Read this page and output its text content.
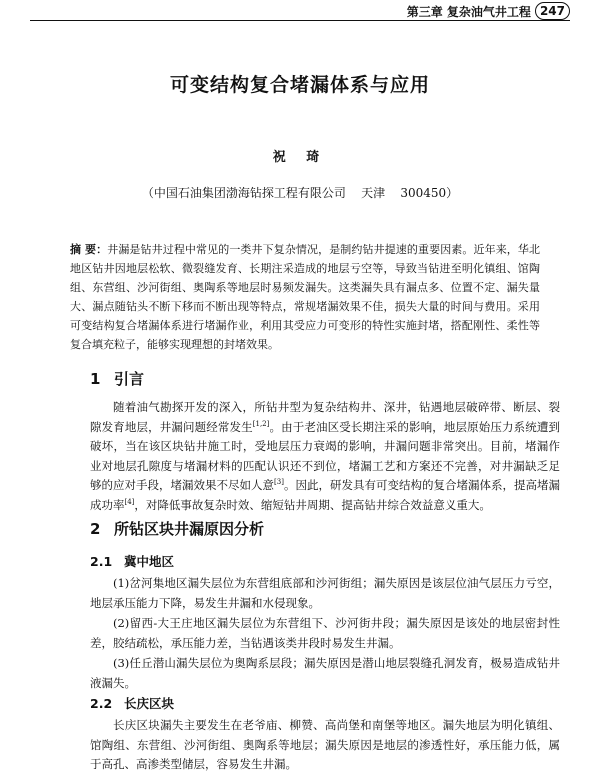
第三章 复杂油气井工程 247
可变结构复合堵漏体系与应用
祝 琦
（中国石油集团渤海钻探工程有限公司    天津    300450）
摘 要：井漏是钻井过程中常见的一类井下复杂情况，是制约钻井提速的重要因素。近年来，华北地区钻井因地层松软、微裂缝发育、长期注采造成的地层亏空等，导致当钻进至明化镇组、馆陶组、东营组、沙河街组、奥陶系等地层时易频发漏失。这类漏失具有漏点多、位置不定、漏失量大、漏点随钻头不断下移而不断出现等特点，常规堵漏效果不佳，损失大量的时间与费用。采用可变结构复合堵漏体系进行堵漏作业，利用其受应力可变形的特性实施封堵，搭配刚性、柔性等复合填充粒子，能够实现理想的封堵效果。
1 引言
随着油气勘探开发的深入，所钻井型为复杂结构井、深井，钻遇地层破碎带、断层、裂隙发育地层，井漏问题经常发生[1,2]。由于老油区受长期注采的影响，地层原始压力系统遭到破坏，当在该区块钻井施工时，受地层压力衰竭的影响，井漏问题非常突出。目前，堵漏作业对地层孔隙度与堵漏材料的匹配认识还不到位，堵漏工艺和方案还不完善，对井漏缺乏足够的应对手段，堵漏效果不尽如人意[3]。因此，研发具有可变结构的复合堵漏体系，提高堵漏成功率[4]，对降低事故复杂时效、缩短钻井周期、提高钻井综合效益意义重大。
2 所钻区块井漏原因分析
2.1 冀中地区
(1)岔河集地区漏失层位为东营组底部和沙河街组；漏失原因是该层位油气层压力亏空，地层承压能力下降，易发生井漏和水侵现象。
(2)留西-大王庄地区漏失层位为东营组下、沙河街井段；漏失原因是该处的地层密封性差，胶结疏松，承压能力差，当钻遇该类井段时易发生井漏。
(3)任丘潜山漏失层位为奥陶系层段；漏失原因是潜山地层裂缝孔洞发育，极易造成钻井液漏失。
2.2 长庆区块
长庆区块漏失主要发生在老爷庙、柳赞、高尚堡和南堡等地区。漏失地层为明化镇组、馆陶组、东营组、沙河街组、奥陶系等地层；漏失原因是地层的渗透性好，承压能力低，属于高孔、高渗类型储层，容易发生井漏。
